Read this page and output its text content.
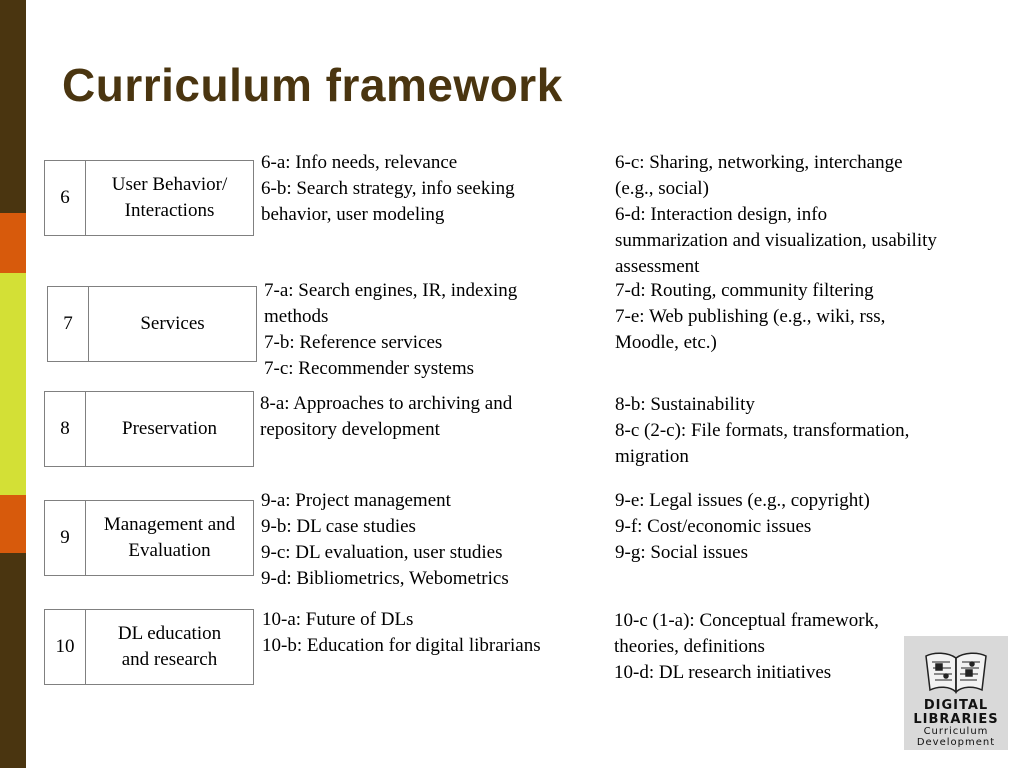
Curriculum framework
6
User Behavior/
Interactions
6-a: Info needs, relevance
6-b: Search strategy, info seeking
behavior, user modeling
6-c: Sharing, networking, interchange
(e.g., social)
6-d: Interaction design, info
summarization and visualization, usability
assessment
7	Services
7-a: Search engines, IR, indexing
methods
7-b: Reference services
7-c: Recommender systems
7-d: Routing, community filtering
7-e: Web publishing (e.g., wiki, rss,
Moodle, etc.)
8	Preservation
8-a: Approaches to archiving and
repository development
8-b: Sustainability
8-c (2-c): File formats, transformation,
migration
9
Management and
Evaluation
9-a: Project management
9-b: DL case studies
9-c: DL evaluation, user studies
9-d: Bibliometrics, Webometrics
9-e: Legal issues (e.g., copyright)
9-f: Cost/economic issues
9-g: Social issues
10
DL education
and research
10-a: Future of DLs
10-b: Education for digital librarians
10-c (1-a): Conceptual framework,
theories, definitions
10-d: DL research initiatives
DIGITAL
LIBRARIES
Curriculum
Development
